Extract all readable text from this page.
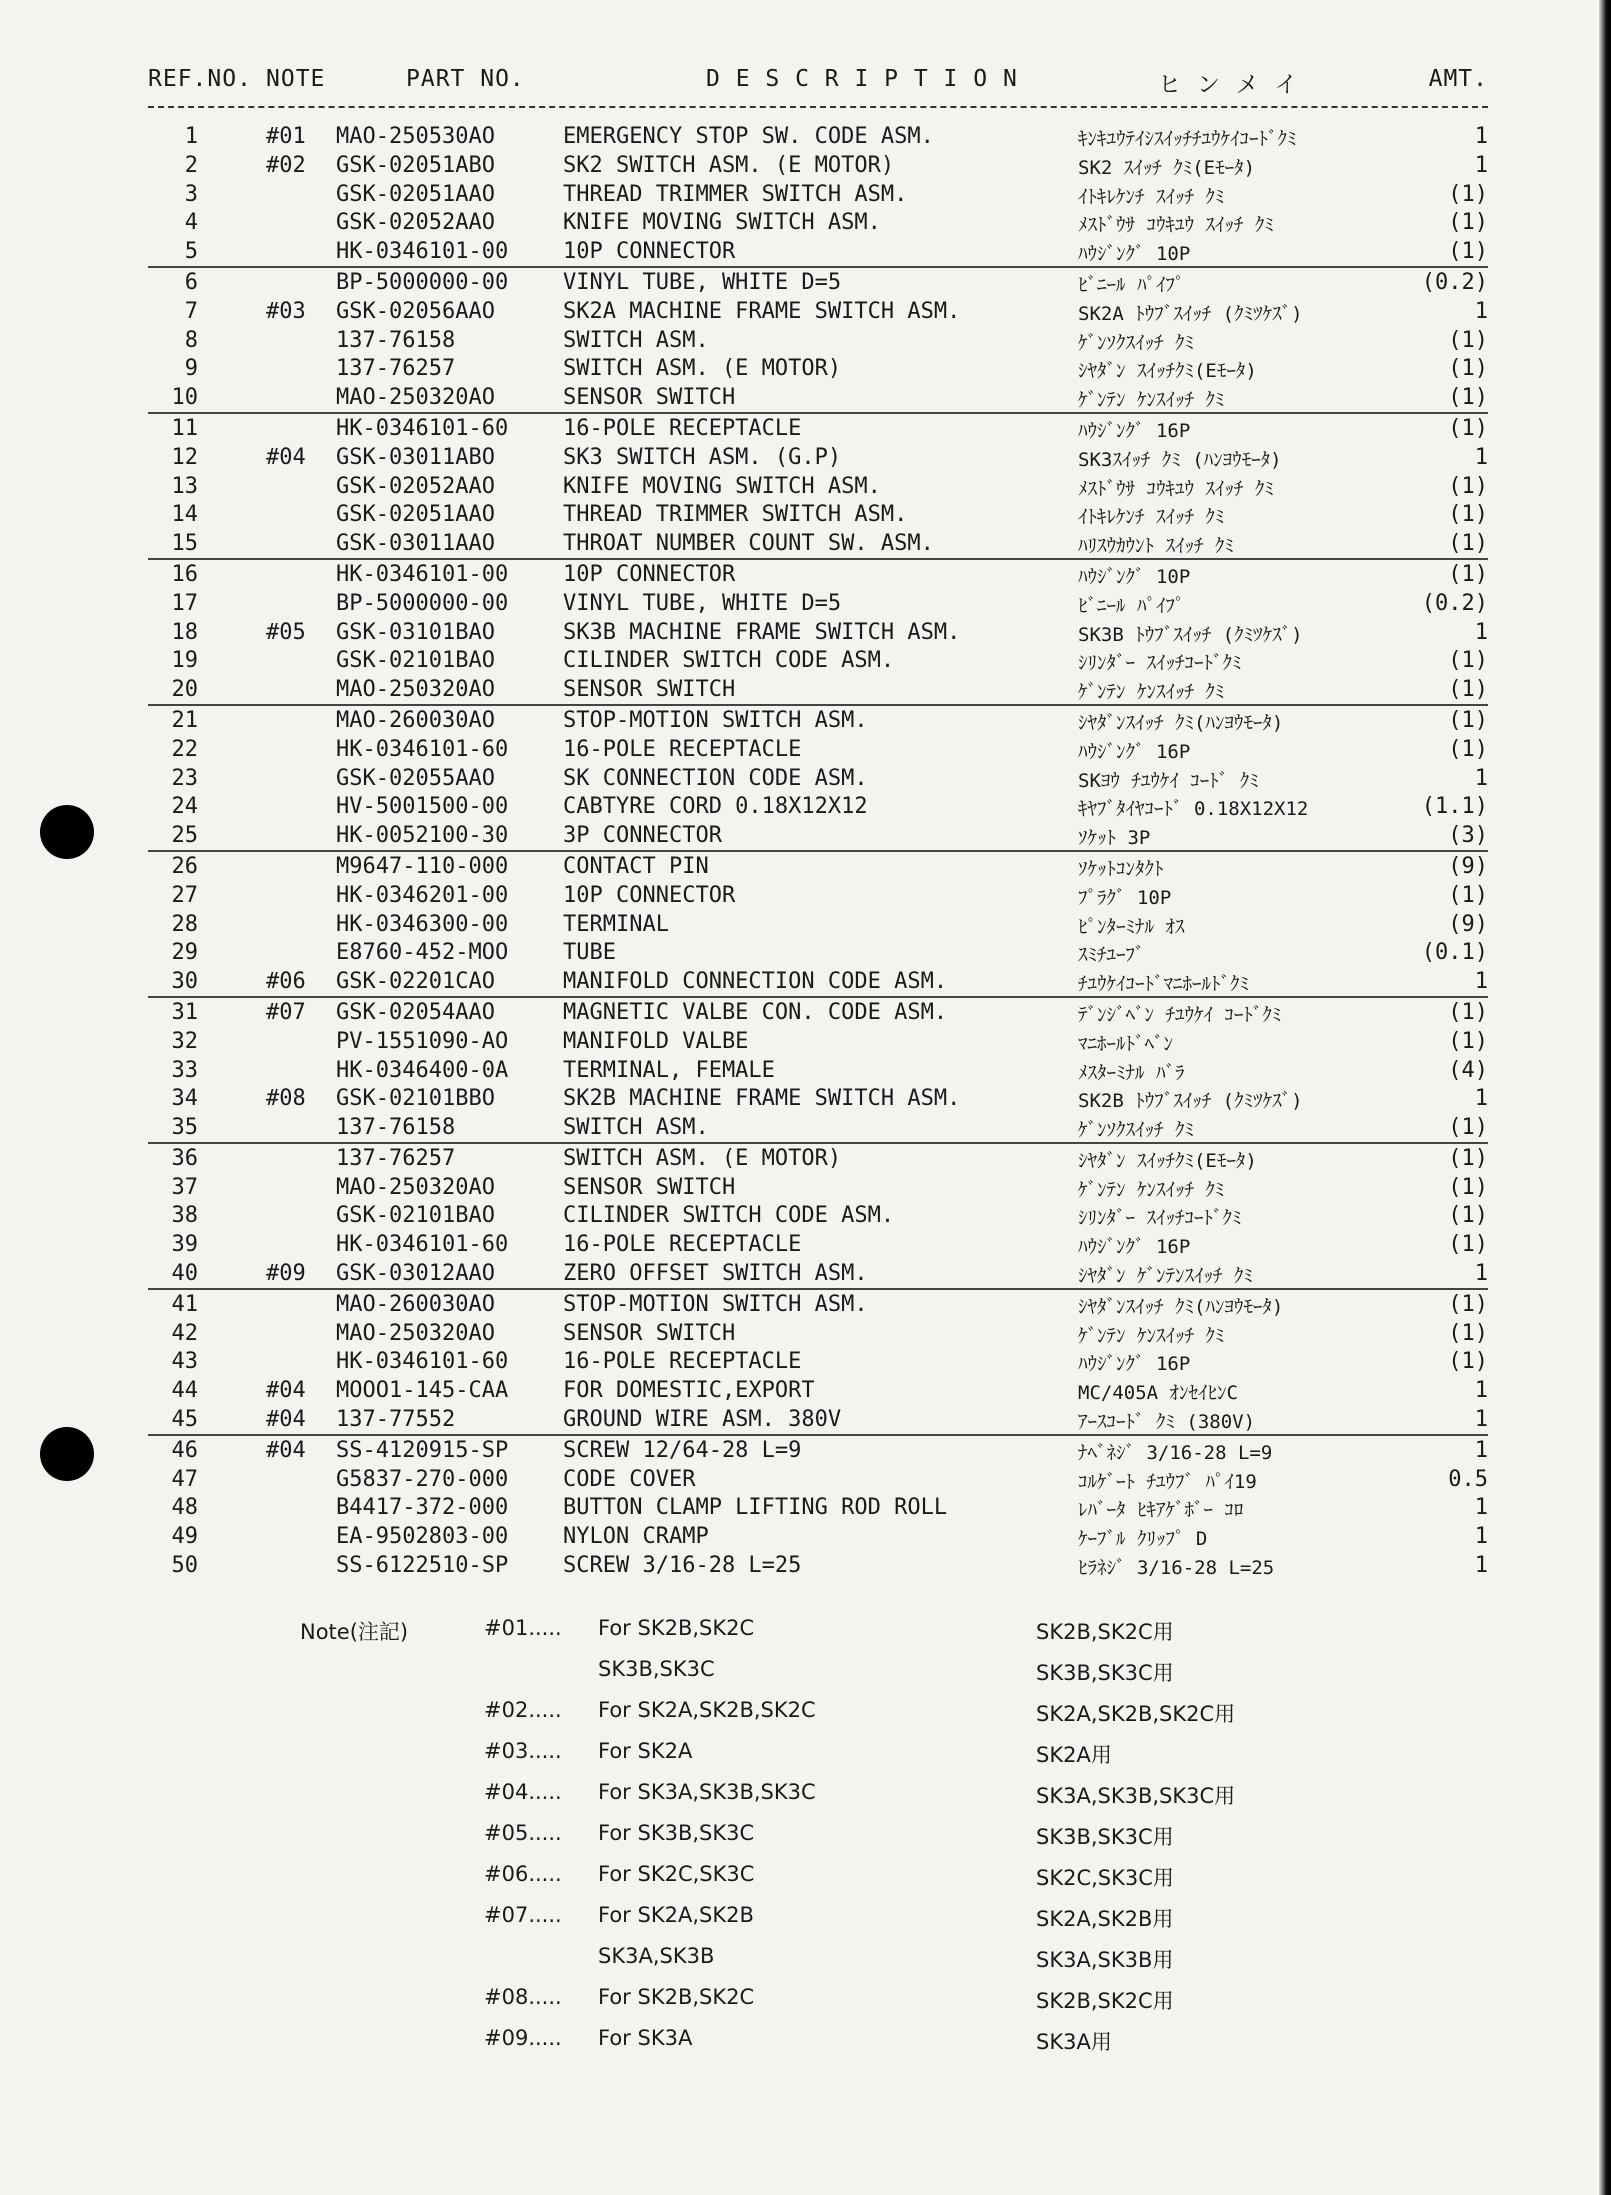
REF.NO. NOTE	PART NO.	D E S C R I P T I O N	ヒ ン メ イ	AMT.
1	#01 MAO-250530AO	EMERGENCY STOP SW. CODE ASM.	ｷﾝｷﾕｳﾃｲｼｽｲｯﾁﾁﾕｳｹｲｺｰﾄﾞｸﾐ	1
2	#02 GSK-02051ABO	SK2 SWITCH ASM. (E MOTOR)	SK2 ｽｲｯﾁ ｸﾐ(Eﾓｰﾀ)	1
3	GSK-02051AAO	THREAD TRIMMER SWITCH ASM.	ｲﾄｷﾚｹﾝﾁ ｽｲｯﾁ ｸﾐ	(1)
4	GSK-02052AAO	KNIFE MOVING SWITCH ASM.	ﾒｽﾄﾞｳｻ ｺｳｷﾕｳ ｽｲｯﾁ ｸﾐ	(1)
5	HK-0346101-00 10P CONNECTOR	ﾊｳｼﾞﾝｸﾞ 10P	(1)
6	BP-5000000-00 VINYL TUBE, WHITE D=5	ﾋﾞﾆｰﾙ ﾊﾟｲﾌﾟ	(0.2)
7	#03 GSK-02056AAO	SK2A MACHINE FRAME SWITCH ASM.	SK2A ﾄｳﾌﾞｽｲｯﾁ (ｸﾐﾂｹｽﾞ)	1
8	137-76158	SWITCH ASM.	ｹﾞﾝｿｸｽｲｯﾁ ｸﾐ	(1)
9	137-76257	SWITCH ASM. (E MOTOR)	ｼﾔﾀﾞﾝ ｽｲｯﾁｸﾐ(Eﾓｰﾀ)	(1)
10	MAO-250320AO	SENSOR SWITCH	ｹﾞﾝﾃﾝ ｹﾝｽｲｯﾁ ｸﾐ	(1)
11	HK-0346101-60 16-POLE RECEPTACLE	ﾊｳｼﾞﾝｸﾞ 16P	(1)
12	#04 GSK-03011ABO	SK3 SWITCH ASM. (G.P)	SK3ｽｲｯﾁ ｸﾐ (ﾊﾝﾖｳﾓｰﾀ)	1
13	GSK-02052AAO	KNIFE MOVING SWITCH ASM.	ﾒｽﾄﾞｳｻ ｺｳｷﾕｳ ｽｲｯﾁ ｸﾐ	(1)
14	GSK-02051AAO	THREAD TRIMMER SWITCH ASM.	ｲﾄｷﾚｹﾝﾁ ｽｲｯﾁ ｸﾐ	(1)
15	GSK-03011AAO	THROAT NUMBER COUNT SW. ASM.	ﾊﾘｽｳｶｳﾝﾄ ｽｲｯﾁ ｸﾐ	(1)
16	HK-0346101-00 10P CONNECTOR	ﾊｳｼﾞﾝｸﾞ 10P	(1)
17	BP-5000000-00 VINYL TUBE, WHITE D=5	ﾋﾞﾆｰﾙ ﾊﾟｲﾌﾟ	(0.2)
18	#05 GSK-03101BAO	SK3B MACHINE FRAME SWITCH ASM.	SK3B ﾄｳﾌﾞｽｲｯﾁ (ｸﾐﾂｹｽﾞ)	1
19	GSK-02101BAO	CILINDER SWITCH CODE ASM.	ｼﾘﾝﾀﾞｰ ｽｲｯﾁｺｰﾄﾞｸﾐ	(1)
20	MAO-250320AO	SENSOR SWITCH	ｹﾞﾝﾃﾝ ｹﾝｽｲｯﾁ ｸﾐ	(1)
21	MAO-260030AO	STOP-MOTION SWITCH ASM.	ｼﾔﾀﾞﾝｽｲｯﾁ ｸﾐ(ﾊﾝﾖｳﾓｰﾀ)	(1)
22	HK-0346101-60 16-POLE RECEPTACLE	ﾊｳｼﾞﾝｸﾞ 16P	(1)
23	GSK-02055AAO	SK CONNECTION CODE ASM.	SKﾖｳ ﾁﾕｳｹｲ ｺｰﾄﾞ ｸﾐ	1
24	HV-5001500-00 CABTYRE CORD 0.18X12X12	ｷﾔﾌﾞﾀｲﾔｺｰﾄﾞ 0.18X12X12	(1.1)
25	HK-0052100-30 3P CONNECTOR	ｿｹｯﾄ 3P	(3)
26	M9647-110-000 CONTACT PIN	ｿｹｯﾄｺﾝﾀｸﾄ	(9)
27	HK-0346201-00 10P CONNECTOR	ﾌﾟﾗｸﾞ 10P	(1)
28	HK-0346300-00 TERMINAL	ﾋﾟﾝﾀｰﾐﾅﾙ ｵｽ	(9)
29	E8760-452-MOO TUBE	ｽﾐﾁﾕｰﾌﾞ	(0.1)
30	#06 GSK-02201CAO	MANIFOLD CONNECTION CODE ASM.	ﾁﾕｳｹｲｺｰﾄﾞﾏﾆﾎｰﾙﾄﾞｸﾐ	1
31	#07 GSK-02054AAO	MAGNETIC VALBE CON. CODE ASM.	ﾃﾞﾝｼﾞﾍﾞﾝ ﾁﾕｳｹｲ ｺｰﾄﾞｸﾐ	(1)
32	PV-1551090-AO MANIFOLD VALBE	ﾏﾆﾎｰﾙﾄﾞﾍﾞﾝ	(1)
33	HK-0346400-0A TERMINAL, FEMALE	ﾒｽﾀｰﾐﾅﾙ ﾊﾞﾗ	(4)
34	#08 GSK-02101BBO	SK2B MACHINE FRAME SWITCH ASM.	SK2B ﾄｳﾌﾞｽｲｯﾁ (ｸﾐﾂｹｽﾞ)	1
35	137-76158	SWITCH ASM.	ｹﾞﾝｿｸｽｲｯﾁ ｸﾐ	(1)
36	137-76257	SWITCH ASM. (E MOTOR)	ｼﾔﾀﾞﾝ ｽｲｯﾁｸﾐ(Eﾓｰﾀ)	(1)
37	MAO-250320AO	SENSOR SWITCH	ｹﾞﾝﾃﾝ ｹﾝｽｲｯﾁ ｸﾐ	(1)
38	GSK-02101BAO	CILINDER SWITCH CODE ASM.	ｼﾘﾝﾀﾞｰ ｽｲｯﾁｺｰﾄﾞｸﾐ	(1)
39	HK-0346101-60 16-POLE RECEPTACLE	ﾊｳｼﾞﾝｸﾞ 16P	(1)
40	#09 GSK-03012AAO	ZERO OFFSET SWITCH ASM.	ｼﾔﾀﾞﾝ ｹﾞﾝﾃﾝｽｲｯﾁ ｸﾐ	1
41	MAO-260030AO	STOP-MOTION SWITCH ASM.	ｼﾔﾀﾞﾝｽｲｯﾁ ｸﾐ(ﾊﾝﾖｳﾓｰﾀ)	(1)
42	MAO-250320AO	SENSOR SWITCH	ｹﾞﾝﾃﾝ ｹﾝｽｲｯﾁ ｸﾐ	(1)
43	HK-0346101-60 16-POLE RECEPTACLE	ﾊｳｼﾞﾝｸﾞ 16P	(1)
44	#04 MOOO1-145-CAA FOR DOMESTIC,EXPORT	MC/405A ｵﾝｾｲﾋﾝC	1
45	#04 137-77552	GROUND WIRE ASM. 380V	ｱｰｽｺｰﾄﾞ ｸﾐ (380V)	1
46	#04 SS-4120915-SP SCREW 12/64-28 L=9	ﾅﾍﾞﾈｼﾞ 3/16-28 L=9	1
47	G5837-270-000 CODE COVER	ｺﾙｹﾞｰﾄ ﾁﾕｳﾌﾞ ﾊﾟｲ19	0.5
48	B4417-372-000 BUTTON CLAMP LIFTING ROD ROLL	ﾚﾊﾞｰﾀ ﾋｷｱｹﾞﾎﾞｰ ｺﾛ	1
49	EA-9502803-00 NYLON CRAMP	ｹｰﾌﾞﾙ ｸﾘｯﾌﾟ D	1
50	SS-6122510-SP SCREW 3/16-28 L=25	ﾋﾗﾈｼﾞ 3/16-28 L=25	1
Note(注記)	#01..... For SK2B,SK2C	SK2B,SK2C用
SK3B,SK3C	SK3B,SK3C用
#02..... For SK2A,SK2B,SK2C	SK2A,SK2B,SK2C用
#03..... For SK2A	SK2A用
#04..... For SK3A,SK3B,SK3C	SK3A,SK3B,SK3C用
#05..... For SK3B,SK3C	SK3B,SK3C用
#06..... For SK2C,SK3C	SK2C,SK3C用
#07..... For SK2A,SK2B	SK2A,SK2B用
SK3A,SK3B	SK3A,SK3B用
#08..... For SK2B,SK2C	SK2B,SK2C用
#09..... For SK3A	SK3A用
